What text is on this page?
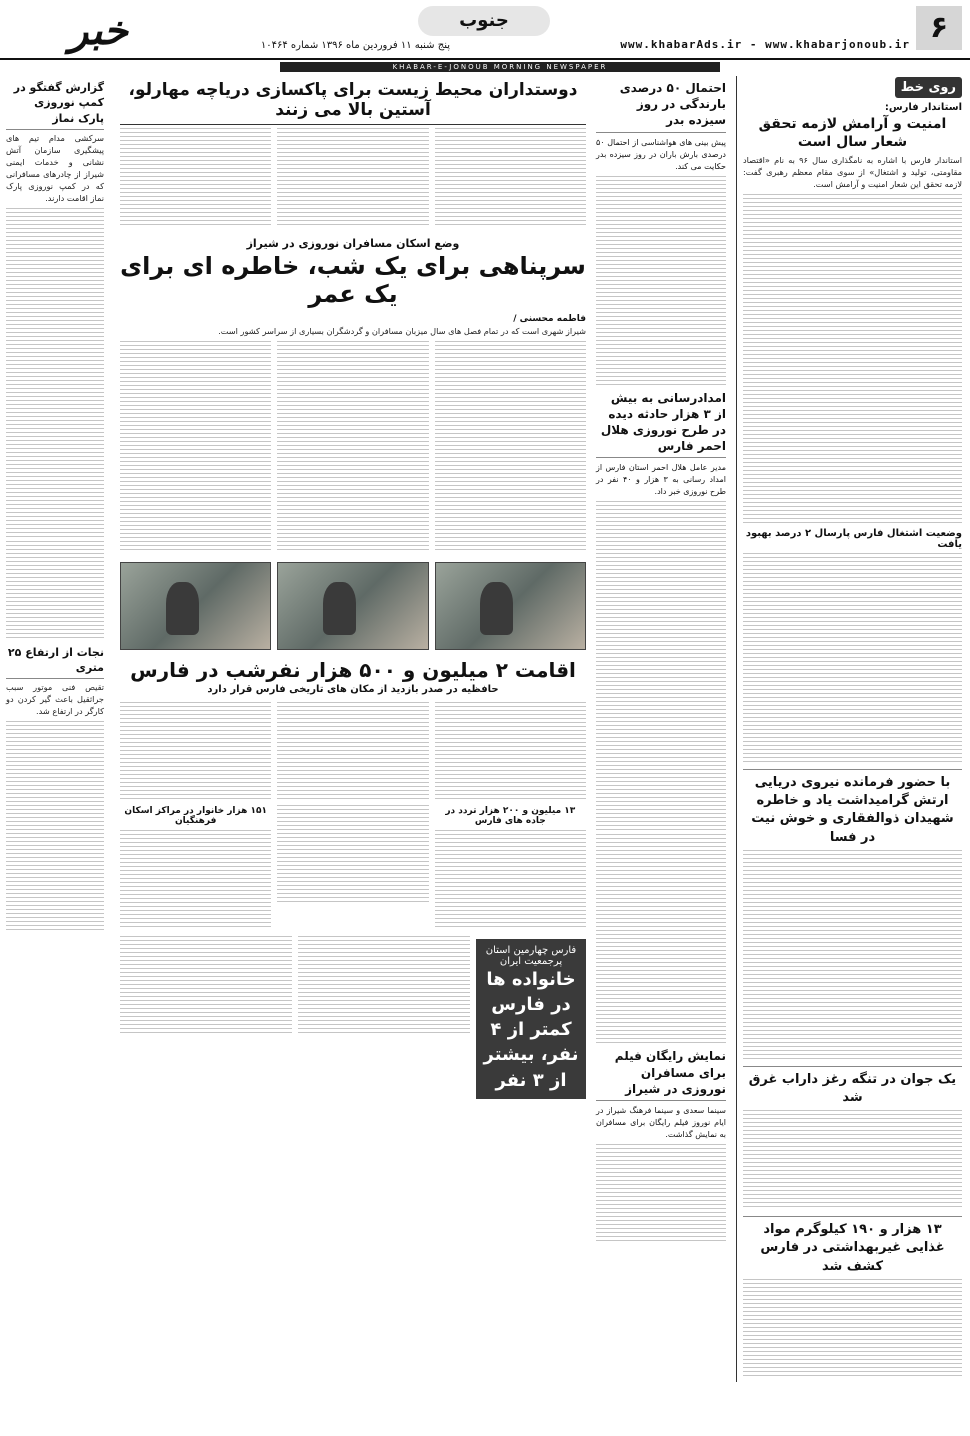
۶
www.khabarAds.ir - www.khabarjonoub.ir
جنوب
پنج شنبه ۱۱ فروردین ماه ۱۳۹۶ شماره ۱۰۴۶۴
خبر
KHABAR-E-JONOUB MORNING NEWSPAPER
روی خط
استاندار فارس:
امنیت و آرامش لازمه تحقق شعار سال است

استاندار فارس با اشاره به نامگذاری سال ۹۶ به نام «اقتصاد مقاومتی، تولید و اشتغال» از سوی مقام معظم رهبری گفت: لازمه تحقق این شعار امنیت و آرامش است.

وضعیت اشتغال فارس پارسال ۲ درصد بهبود یافت
با حضور فرمانده نیروی دریایی ارتش گرامیداشت یاد و خاطره شهیدان ذوالفقاری و خوش نیت در فسا
یک جوان در تنگه رغز داراب غرق شد
۱۳ هزار و ۱۹۰ کیلوگرم مواد غذایی غیربهداشتی در فارس کشف شد
احتمال ۵۰ درصدی بارندگی در روز سیزده بدر

پیش بینی های هواشناسی از احتمال ۵۰ درصدی بارش باران در روز سیزده بدر حکایت می کند.

امدادرسانی به بیش از ۳ هزار حادثه دیده در طرح نوروزی هلال احمر فارس

مدیر عامل هلال احمر استان فارس از امداد رسانی به ۳ هزار و ۴۰ نفر در طرح نوروزی خبر داد.

نمایش رایگان فیلم برای مسافران نوروزی در شیراز

سینما سعدی و سینما فرهنگ شیراز در ایام نوروز فیلم رایگان برای مسافران به نمایش گذاشت.

دوستداران محیط زیست برای پاکسازی دریاچه مهارلو، آستین بالا می زنند
وضع اسکان مسافران نوروزی در شیراز
سرپناهی برای یک شب، خاطره ای برای یک عمر
فاطمه محسنی /

شیراز شهری است که در تمام فصل های سال میزبان مسافران و گردشگران بسیاری از سراسر کشور است.

اقامت ۲ میلیون و ۵۰۰ هزار نفرشب در فارس
حافظیه در صدر بازدید از مکان های تاریخی فارس قرار دارد
۱۳ میلیون و ۲۰۰ هزار تردد در جاده های فارس
۱۵۱ هزار خانوار در مراکز اسکان فرهنگیان
فارس چهارمین استان پرجمعیت ایران
خانواده ها در فارس کمتر از ۴ نفر، بیشتر از ۳ نفر
گزارش گفتگو در کمپ نوروزی پارک نماز

سرکشی مدام تیم های پیشگیری سازمان آتش نشانی و خدمات ایمنی شیراز از چادرهای مسافرانی که در کمپ نوروزی پارک نماز اقامت دارند.

نجات از ارتفاع ۲۵ متری

تقیص فنی موتور سبب جراثقیل باعث گیر کردن دو کارگر در ارتفاع شد.
